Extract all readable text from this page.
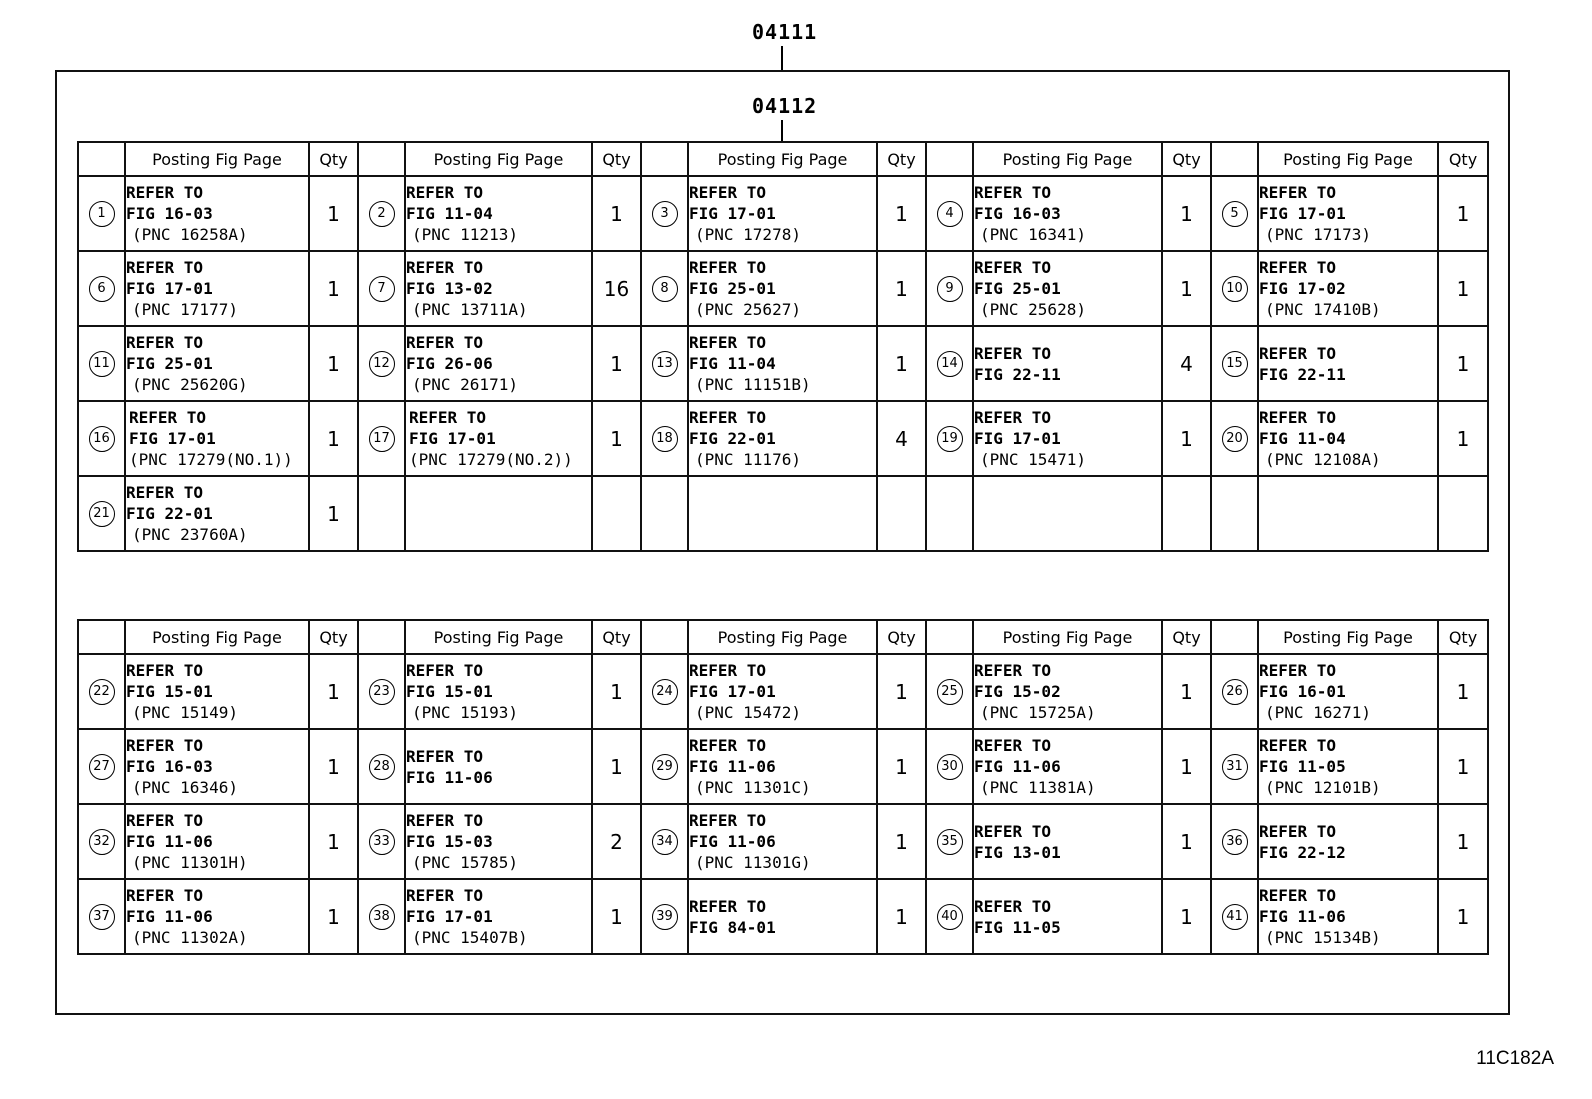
04111
04112
	Posting Fig Page	Qty		Posting Fig Page	Qty		Posting Fig Page	Qty		Posting Fig Page	Qty		Posting Fig Page	Qty
1	REFER TO
FIG 16-03
(PNC 16258A)	1	2	REFER TO
FIG 11-04
(PNC 11213)	1	3	REFER TO
FIG 17-01
(PNC 17278)	1	4	REFER TO
FIG 16-03
(PNC 16341)	1	5	REFER TO
FIG 17-01
(PNC 17173)	1
6	REFER TO
FIG 17-01
(PNC 17177)	1	7	REFER TO
FIG 13-02
(PNC 13711A)	16	8	REFER TO
FIG 25-01
(PNC 25627)	1	9	REFER TO
FIG 25-01
(PNC 25628)	1	10	REFER TO
FIG 17-02
(PNC 17410B)	1
11	REFER TO
FIG 25-01
(PNC 25620G)	1	12	REFER TO
FIG 26-06
(PNC 26171)	1	13	REFER TO
FIG 11-04
(PNC 11151B)	1	14	REFER TO
FIG 22-11	4	15	REFER TO
FIG 22-11	1
16	REFER TO
FIG 17-01
(PNC 17279(NO.1))	1	17	REFER TO
FIG 17-01
(PNC 17279(NO.2))	1	18	REFER TO
FIG 22-01
(PNC 11176)	4	19	REFER TO
FIG 17-01
(PNC 15471)	1	20	REFER TO
FIG 11-04
(PNC 12108A)	1
21	REFER TO
FIG 22-01
(PNC 23760A)	1												
	Posting Fig Page	Qty		Posting Fig Page	Qty		Posting Fig Page	Qty		Posting Fig Page	Qty		Posting Fig Page	Qty
22	REFER TO
FIG 15-01
(PNC 15149)	1	23	REFER TO
FIG 15-01
(PNC 15193)	1	24	REFER TO
FIG 17-01
(PNC 15472)	1	25	REFER TO
FIG 15-02
(PNC 15725A)	1	26	REFER TO
FIG 16-01
(PNC 16271)	1
27	REFER TO
FIG 16-03
(PNC 16346)	1	28	REFER TO
FIG 11-06	1	29	REFER TO
FIG 11-06
(PNC 11301C)	1	30	REFER TO
FIG 11-06
(PNC 11381A)	1	31	REFER TO
FIG 11-05
(PNC 12101B)	1
32	REFER TO
FIG 11-06
(PNC 11301H)	1	33	REFER TO
FIG 15-03
(PNC 15785)	2	34	REFER TO
FIG 11-06
(PNC 11301G)	1	35	REFER TO
FIG 13-01	1	36	REFER TO
FIG 22-12	1
37	REFER TO
FIG 11-06
(PNC 11302A)	1	38	REFER TO
FIG 17-01
(PNC 15407B)	1	39	REFER TO
FIG 84-01	1	40	REFER TO
FIG 11-05	1	41	REFER TO
FIG 11-06
(PNC 15134B)	1
11C182A
